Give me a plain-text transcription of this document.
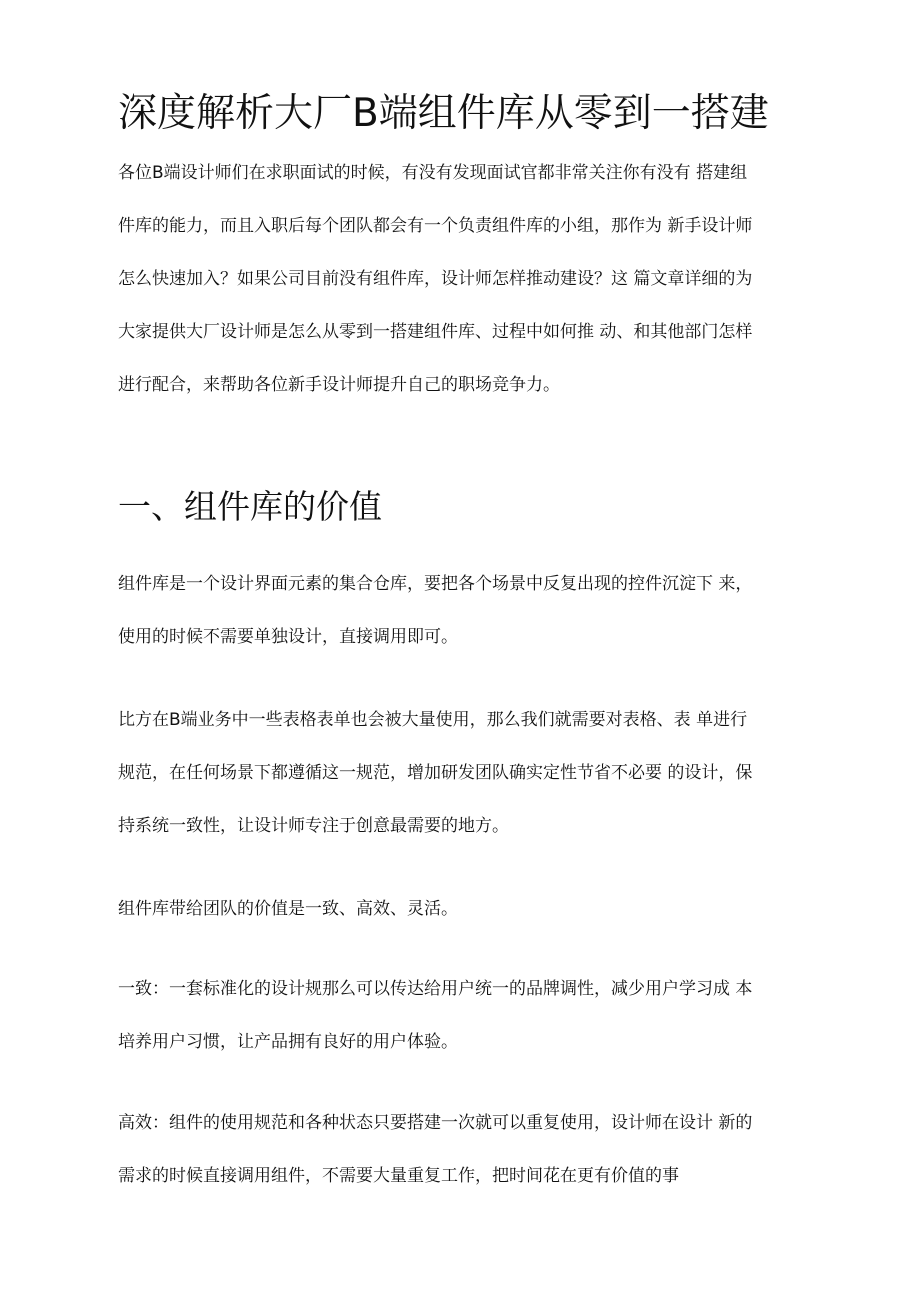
深度解析大厂B端组件库从零到一搭建
各位B端设计师们在求职面试的时候，有没有发现面试官都非常关注你有没有 搭建组
件库的能力，而且入职后每个团队都会有一个负责组件库的小组，那作为 新手设计师
怎么快速加入？如果公司目前没有组件库，设计师怎样推动建设？这 篇文章详细的为
大家提供大厂设计师是怎么从零到一搭建组件库、过程中如何推 动、和其他部门怎样
进行配合，来帮助各位新手设计师提升自己的职场竞争力。
一、组件库的价值
组件库是一个设计界面元素的集合仓库，要把各个场景中反复出现的控件沉淀下 来，
使用的时候不需要单独设计，直接调用即可。
比方在B端业务中一些表格表单也会被大量使用，那么我们就需要对表格、表 单进行
规范，在任何场景下都遵循这一规范，增加研发团队确实定性节省不必要 的设计，保
持系统一致性，让设计师专注于创意最需要的地方。
组件库带给团队的价值是一致、高效、灵活。
一致：一套标准化的设计规那么可以传达给用户统一的品牌调性，减少用户学习成 本
培养用户习惯，让产品拥有良好的用户体验。
高效：组件的使用规范和各种状态只要搭建一次就可以重复使用，设计师在设计 新的
需求的时候直接调用组件，不需要大量重复工作，把时间花在更有价值的事
